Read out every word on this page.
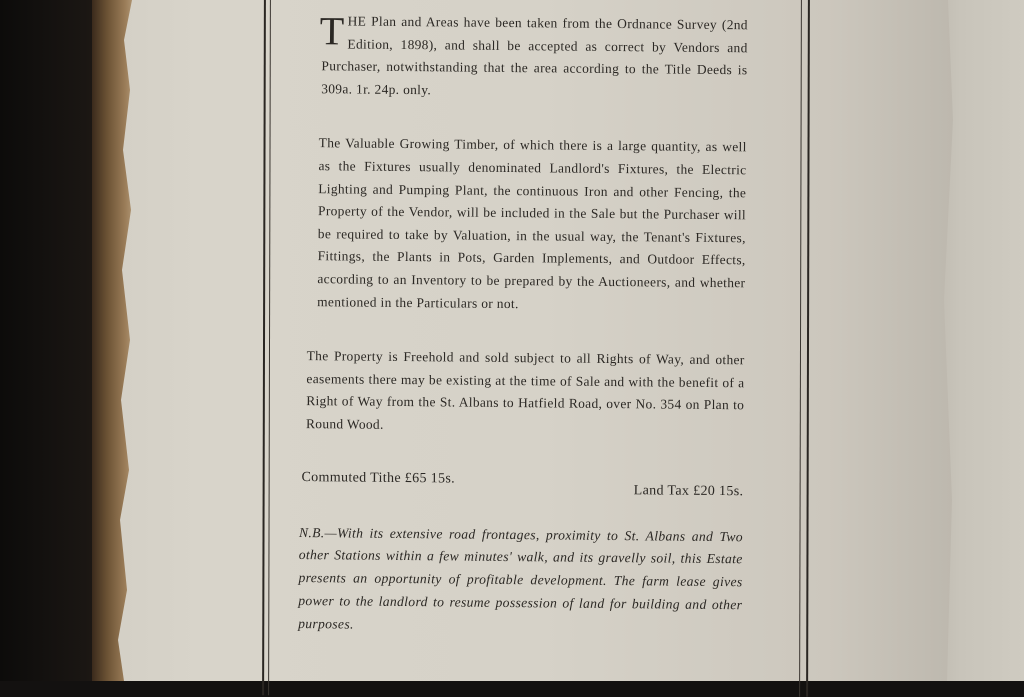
THE Plan and Areas have been taken from the Ordnance Survey (2nd Edition, 1898), and shall be accepted as correct by Vendors and Purchaser, notwithstanding that the area according to the Title Deeds is 309a. 1r. 24p. only.

The Valuable Growing Timber, of which there is a large quantity, as well as the Fixtures usually denominated Landlord's Fixtures, the Electric Lighting and Pumping Plant, the continuous Iron and other Fencing, the Property of the Vendor, will be included in the Sale but the Purchaser will be required to take by Valuation, in the usual way, the Tenant's Fixtures, Fittings, the Plants in Pots, Garden Implements, and Outdoor Effects, according to an Inventory to be prepared by the Auctioneers, and whether mentioned in the Particulars or not.

The Property is Freehold and sold subject to all Rights of Way, and other easements there may be existing at the time of Sale and with the benefit of a Right of Way from the St. Albans to Hatfield Road, over No. 354 on Plan to Round Wood.

Commuted Tithe £65 15s.
Land Tax £20 15s.

N.B.—With its extensive road frontages, proximity to St. Albans and Two other Stations within a few minutes' walk, and its gravelly soil, this Estate presents an opportunity of profitable development. The farm lease gives power to the landlord to resume possession of land for building and other purposes.
